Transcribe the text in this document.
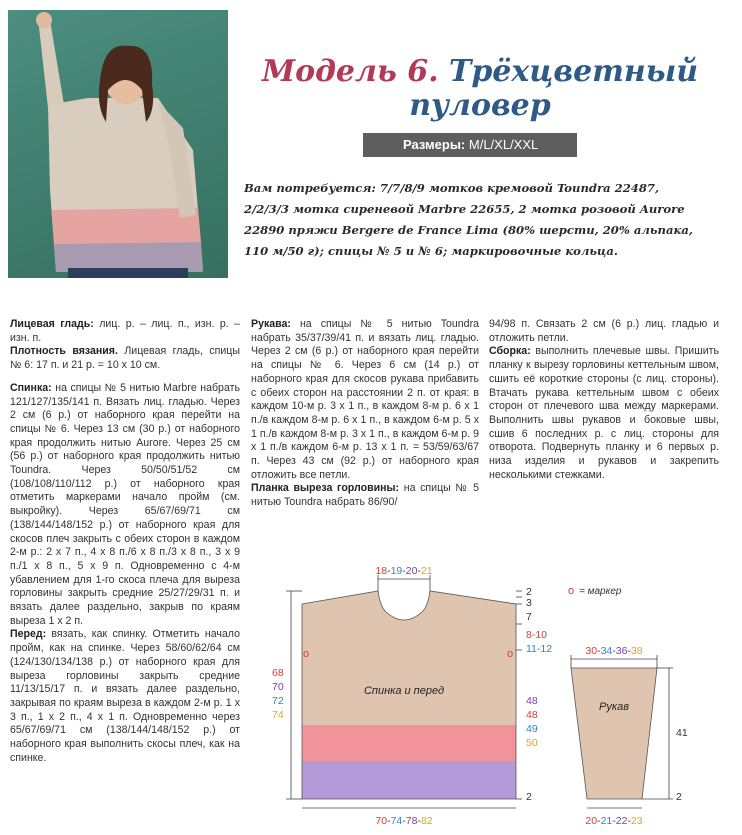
Модель 6. Трёхцветный
пуловер
Размеры: M/L/XL/XXL
Вам потребуется: 7/7/8/9 мотков кремовой Toundra 22487, 2/2/3/3 мотка сиреневой Marbre 22655, 2 мотка розовой Aurore 22890 пряжи Bergere de France Lima (80% шерсти, 20% альпака, 110 м/50 г); спицы № 5 и № 6; маркировочные кольца.

Лицевая гладь: лиц. р. – лиц. п., изн. р. – изн. п.

Плотность вязания. Лицевая гладь, спицы № 6: 17 п. и 21 р. = 10 х 10 см.

Спинка: на спицы № 5 нитью Marbre набрать 121/127/135/141 п. Вязать лиц. гладью. Через 2 см (6 р.) от наборного края перейти на спицы № 6. Через 13 см (30 р.) от наборного края продолжить нитью Aurore. Через 25 см (56 р.) от наборного края продолжить нитью Toundra. Через 50/50/51/52 см (108/108/110/112 р.) от наборного края отметить маркерами начало пройм (см. выкройку). Через 65/67/69/71 см (138/144/148/152 р.) от наборного края для скосов плеч закрыть с обеих сторон в каждом 2-м р.: 2 х 7 п., 4 х 8 п./6 х 8 п./3 х 8 п., 3 х 9 п./1 х 8 п., 5 х 9 п. Одновременно с 4-м убавлением для 1-го скоса плеча для выреза горловины закрыть средние 25/27/29/31 п. и вязать далее раздельно, закрыв по краям выреза 1 х 2 п.

Перед: вязать, как спинку. Отметить начало пройм, как на спинке. Через 58/60/62/64 см (124/130/134/138 р.) от наборного края для выреза горловины закрыть средние 11/13/15/17 п. и вязать далее раздельно, закрывая по краям выреза в каждом 2-м р. 1 х 3 п., 1 х 2 п., 4 х 1 п. Одновременно через 65/67/69/71 см (138/144/148/152 р.) от наборного края выполнить скосы плеч, как на спинке.

Рукава: на спицы № 5 нитью Toundra набрать 35/37/39/41 п. и вязать лиц. гладью. Через 2 см (6 р.) от наборного края перейти на спицы № 6. Через 6 см (14 р.) от наборного края для скосов рукава прибавить с обеих сторон на расстоянии 2 п. от края: в каждом 10-м р. 3 х 1 п., в каждом 8-м р. 6 х 1 п./в каждом 8-м р. 6 х 1 п., в каждом 6-м р. 5 х 1 п./в каждом 8-м р. 3 х 1 п., в каждом 6-м р. 9 х 1 п./в каждом 6-м р. 13 х 1 п. = 53/59/63/67 п. Через 43 см (92 р.) от наборного края отложить все петли.

Планка выреза горловины: на спицы № 5 нитью Toundra набрать 86/90/

94/98 п. Связать 2 см (6 р.) лиц. гладью и отложить петли.

Сборка: выполнить плечевые швы. Пришить планку к вырезу горловины кеттельным швом, сшить её короткие стороны (с лиц. стороны). Втачать рукава кеттельным швом с обеих сторон от плечевого шва между маркерами. Выполнить швы рукавов и боковые швы, сшив 6 последних р. с лиц. стороны для отворота. Подвернуть планку и 6 первых р. низа изделия и рукавов и закрепить несколькими стежками.

Спинка и перед
о	о
18-19-20-21
70-74-78-82
68
70
72
74
2
3
7
8-10
11-12
48
48
49
50
2
о = маркер
Рукав
30-34-36-38
41
2
20-21-22-23
